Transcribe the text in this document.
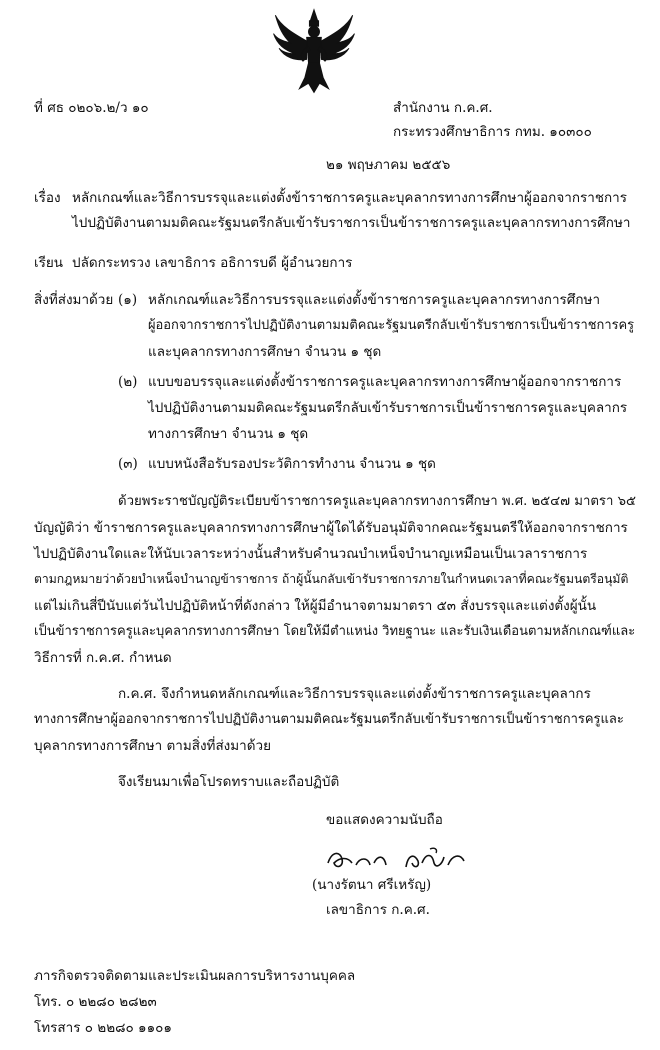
ที่ ศธ ๐๒๐๖.๒/ว ๑๐	สำนักงาน ก.ค.ศ.
กระทรวงศึกษาธิการ กทม. ๑๐๓๐๐
๒๑ พฤษภาคม ๒๕๕๖
เรื่อง หลักเกณฑ์และวิธีการบรรจุและแต่งตั้งข้าราชการครูและบุคลากรทางการศึกษาผู้ออกจากราชการ
ไปปฏิบัติงานตามมติคณะรัฐมนตรีกลับเข้ารับราชการเป็นข้าราชการครูและบุคลากรทางการศึกษา
เรียน ปลัดกระทรวง เลขาธิการ อธิการบดี ผู้อำนวยการ
สิ่งที่ส่งมาด้วย (๑) หลักเกณฑ์และวิธีการบรรจุและแต่งตั้งข้าราชการครูและบุคลากรทางการศึกษา
ผู้ออกจากราชการไปปฏิบัติงานตามมติคณะรัฐมนตรีกลับเข้ารับราชการเป็นข้าราชการครู
และบุคลากรทางการศึกษา จำนวน ๑ ชุด
(๒) แบบขอบรรจุและแต่งตั้งข้าราชการครูและบุคลากรทางการศึกษาผู้ออกจากราชการ
ไปปฏิบัติงานตามมติคณะรัฐมนตรีกลับเข้ารับราชการเป็นข้าราชการครูและบุคลากร
ทางการศึกษา จำนวน ๑ ชุด
(๓) แบบหนังสือรับรองประวัติการทำงาน จำนวน ๑ ชุด
ด้วยพระราชบัญญัติระเบียบข้าราชการครูและบุคลากรทางการศึกษา พ.ศ. ๒๕๔๗ มาตรา ๖๕
บัญญัติว่า ข้าราชการครูและบุคลากรทางการศึกษาผู้ใดได้รับอนุมัติจากคณะรัฐมนตรีให้ออกจากราชการ
ไปปฏิบัติงานใดและให้นับเวลาระหว่างนั้นสำหรับคำนวณบำเหน็จบำนาญเหมือนเป็นเวลาราชการ
ตามกฎหมายว่าด้วยบำเหน็จบำนาญข้าราชการ ถ้าผู้นั้นกลับเข้ารับราชการภายในกำหนดเวลาที่คณะรัฐมนตรีอนุมัติ
แต่ไม่เกินสี่ปีนับแต่วันไปปฏิบัติหน้าที่ดังกล่าว ให้ผู้มีอำนาจตามมาตรา ๕๓ สั่งบรรจุและแต่งตั้งผู้นั้น
เป็นข้าราชการครูและบุคลากรทางการศึกษา โดยให้มีตำแหน่ง วิทยฐานะ และรับเงินเดือนตามหลักเกณฑ์และ
วิธีการที่ ก.ค.ศ. กำหนด
ก.ค.ศ. จึงกำหนดหลักเกณฑ์และวิธีการบรรจุและแต่งตั้งข้าราชการครูและบุคลากร
ทางการศึกษาผู้ออกจากราชการไปปฏิบัติงานตามมติคณะรัฐมนตรีกลับเข้ารับราชการเป็นข้าราชการครูและ
บุคลากรทางการศึกษา ตามสิ่งที่ส่งมาด้วย
จึงเรียนมาเพื่อโปรดทราบและถือปฏิบัติ
ขอแสดงความนับถือ
(นางรัตนา ศรีเหรัญ)
เลขาธิการ ก.ค.ศ.
ภารกิจตรวจติดตามและประเมินผลการบริหารงานบุคคล
โทร. ๐ ๒๒๘๐ ๒๘๒๓
โทรสาร ๐ ๒๒๘๐ ๑๑๐๑
